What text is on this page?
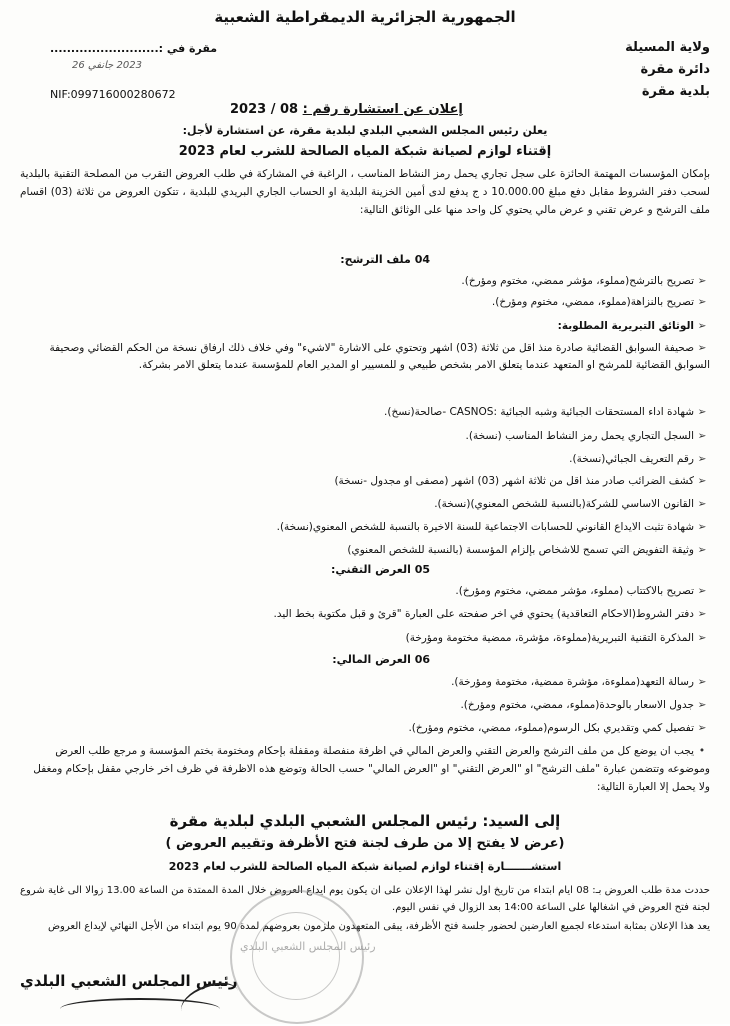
الجمهورية الجزائرية الديمقراطية الشعبية
ولاية المسيلة
دائرة مقرة
بلدية مقرة
مقرة في :..........................
2023 جانفي 26
NIF:099716000280672
إعلان عن استشارة رقم : 08 / 2023
يعلن رئيس المجلس الشعبي البلدي لبلدية مقرة، عن استشارة لأجل:
إقتناء لوازم لصيانة شبكة المياه الصالحة للشرب لعام 2023
بإمكان المؤسسات المهتمة الحائزة على سجل تجاري يحمل رمز النشاط المناسب ، الراغبة في المشاركة في طلب العروض التقرب من المصلحة التقنية بالبلدية لسحب دفتر الشروط مقابل دفع مبلغ 10.000.00 د ج يدفع لدى أمين الخزينة البلدية او الحساب الجاري البريدي للبلدية ، تتكون العروض من ثلاثة (03) اقسام ملف الترشح و عرض تقني و عرض مالي يحتوي كل واحد منها على الوثائق التالية:
04 ملف الترشح:
➢تصريح بالترشح(مملوء، مؤشر ممضي، مختوم ومؤرخ).
➢تصريح بالنزاهة(مملوء، ممضي، مختوم ومؤرخ).
➢الوثائق التبريرية المطلوبة:
➢صحيفة السوابق القضائية صادرة منذ اقل من ثلاثة (03) اشهر وتحتوي على الاشارة "لاشيء" وفي خلاف ذلك ارفاق نسخة من الحكم القضائي وصحيفة السوابق القضائية للمرشح او المتعهد عندما يتعلق الامر بشخص طبيعي و للمسيير او المدير العام للمؤسسة عندما يتعلق الامر بشركة.
➢شهادة اداء المستحقات الجبائية وشبه الجبائية :CASNOS -صالحة(نسخ).
➢السجل التجاري يحمل رمز النشاط المناسب (نسخة).
➢رقم التعريف الجبائي(نسخة).
➢كشف الضرائب صادر منذ اقل من ثلاثة اشهر (03) اشهر (مصفى او مجدول -نسخة)
➢القانون الاساسي للشركة(بالنسبة للشخص المعنوي)(نسخة).
➢شهادة تثبت الايداع القانوني للحسابات الاجتماعية للسنة الاخيرة بالنسبة للشخص المعنوي(نسخة).
➢وثيقة التفويض التي تسمح للاشخاص بإلزام المؤسسة (بالنسبة للشخص المعنوي)
05 العرض التقني:
➢تصريح بالاكتتاب (مملوء، مؤشر ممضي، مختوم ومؤرخ).
➢دفتر الشروط(الاحكام التعاقدية) يحتوي في اخر صفحته على العبارة "قرئ و قبل مكتوبة بخط اليد.
➢المذكرة التقنية التبريرية(مملوءة، مؤشرة، ممضية مختومة ومؤرخة)
06 العرض المالي:
➢رسالة التعهد(مملوءة، مؤشرة ممضية، مختومة ومؤرخة).
➢جدول الاسعار بالوحدة(مملوء، ممضي، مختوم ومؤرخ).
➢تفصيل كمي وتقديري بكل الرسوم(مملوء، ممضي، مختوم ومؤرخ).
•يجب ان يوضع كل من ملف الترشح والعرض التقني والعرض المالي في اظرفة منفصلة ومقفلة بإحكام ومختومة بختم المؤسسة و مرجع طلب العرض وموضوعه وتتضمن عبارة "ملف الترشح" او "العرض التقني" او "العرض المالي" حسب الحالة وتوضع هذه الاظرفة في ظرف اخر خارجي مقفل بإحكام ومغفل ولا يحمل إلا العبارة التالية:
إلى السيد: رئيس المجلس الشعبي البلدي لبلدية مقرة
(عرض لا يفتح إلا من طرف لجنة فتح الأظرفة وتقييم العروض )
استشـــــــارة إقتناء لوازم لصيانة شبكة المياه الصالحة للشرب لعام 2023
حددت مدة طلب العروض بـ: 08 ايام ابتداء من تاريخ اول نشر لهذا الإعلان على ان يكون يوم ايداع العروض خلال المدة الممتدة من الساعة 13.00 زوالا الى غاية شروع لجنة فتح العروض في اشغالها على الساعة 14:00 بعد الزوال في نفس اليوم.
يعد هذا الإعلان بمثابة استدعاء لجميع العارضين لحضور جلسة فتح الأظرفة، يبقى المتعهدون ملزمون بعروضهم لمدة 90 يوم ابتداء من الأجل النهائي لإيداع العروض
رئيس المجلس الشعبي البلدي
رئيس المجلس الشعبي البلدي
